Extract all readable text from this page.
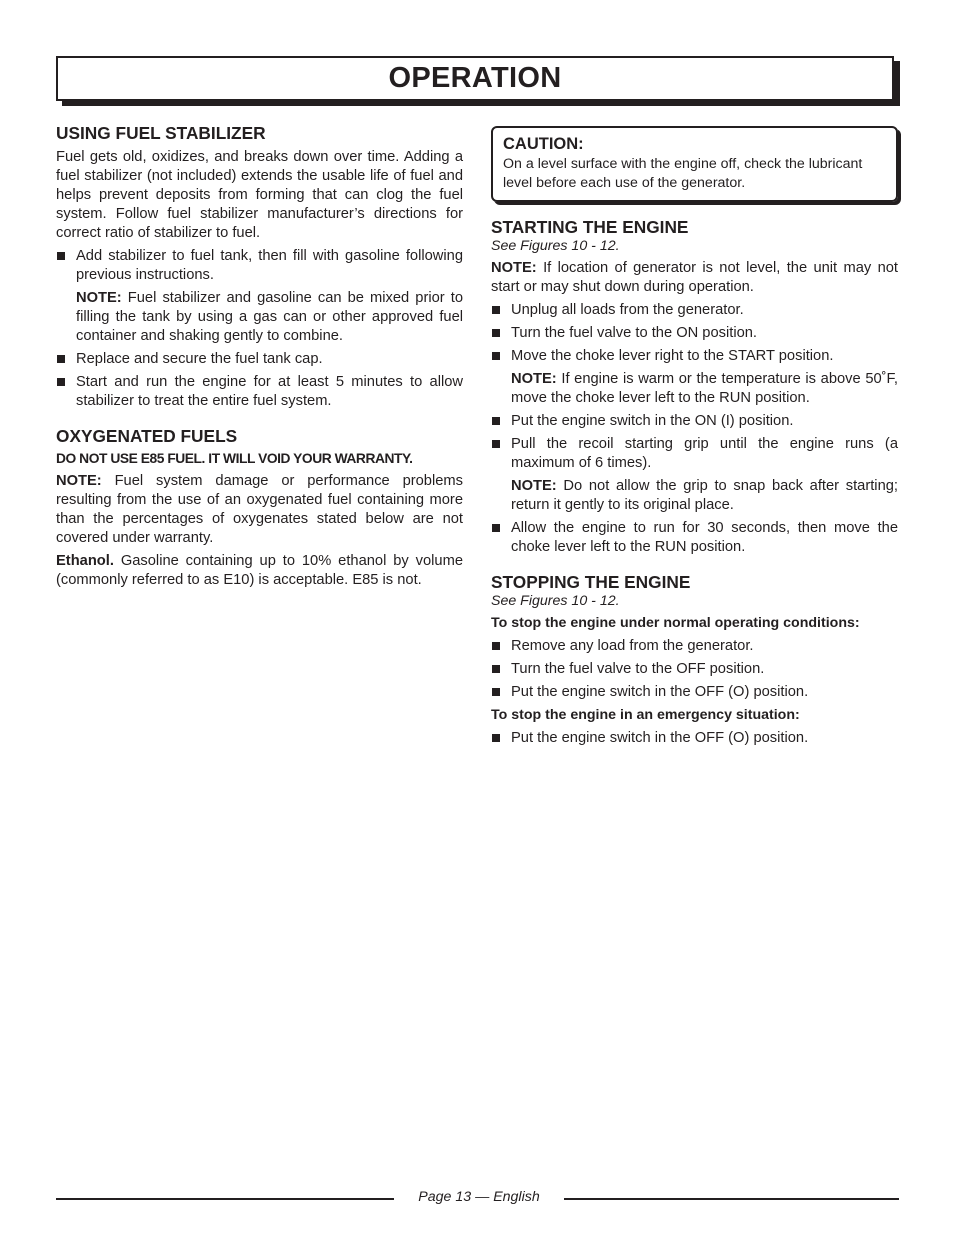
OPERATION
USING FUEL STABILIZER

Fuel gets old, oxidizes, and breaks down over time. Adding a fuel stabilizer (not included) extends the usable life of fuel and helps prevent deposits from forming that can clog the fuel system. Follow fuel stabilizer manufacturer’s directions for correct ratio of stabilizer to fuel.

Add stabilizer to fuel tank, then fill with gasoline following previous instructions.

NOTE: Fuel stabilizer and gasoline can be mixed prior to filling the tank by using a gas can or other approved fuel container and shaking gently to combine.

Replace and secure the fuel tank cap.
Start and run the engine for at least 5 minutes to allow stabilizer to treat the entire fuel system.
OXYGENATED FUELS

DO NOT USE E85 FUEL. IT WILL VOID YOUR WARRANTY.

NOTE: Fuel system damage or performance problems resulting from the use of an oxygenated fuel containing more than the percentages of oxygenates stated below are not covered under warranty.

Ethanol. Gasoline containing up to 10% ethanol by volume (commonly referred to as E10) is acceptable. E85 is not.

CAUTION:
On a level surface with the engine off, check the lubricant level before each use of the generator.
STARTING THE ENGINE
See Figures 10 - 12.

NOTE: If location of generator is not level, the unit may not start or may shut down during operation.

Unplug all loads from the generator.
Turn the fuel valve to the ON position.
Move the choke lever right to the START position.

NOTE: If engine is warm or the temperature is above 50˚F, move the choke lever left to the RUN position.

Put the engine switch in the ON (I) position.
Pull the recoil starting grip until the engine runs (a maximum of 6 times).

NOTE: Do not allow the grip to snap back after starting; return it gently to its original place.

Allow the engine to run for 30 seconds, then move the choke lever left to the RUN position.
STOPPING THE ENGINE
See Figures 10 - 12.

To stop the engine under normal operating conditions:

Remove any load from the generator.
Turn the fuel valve to the OFF position.
Put the engine switch in the OFF (O) position.

To stop the engine in an emergency situation:

Put the engine switch in the OFF (O) position.
Page 13 — English
